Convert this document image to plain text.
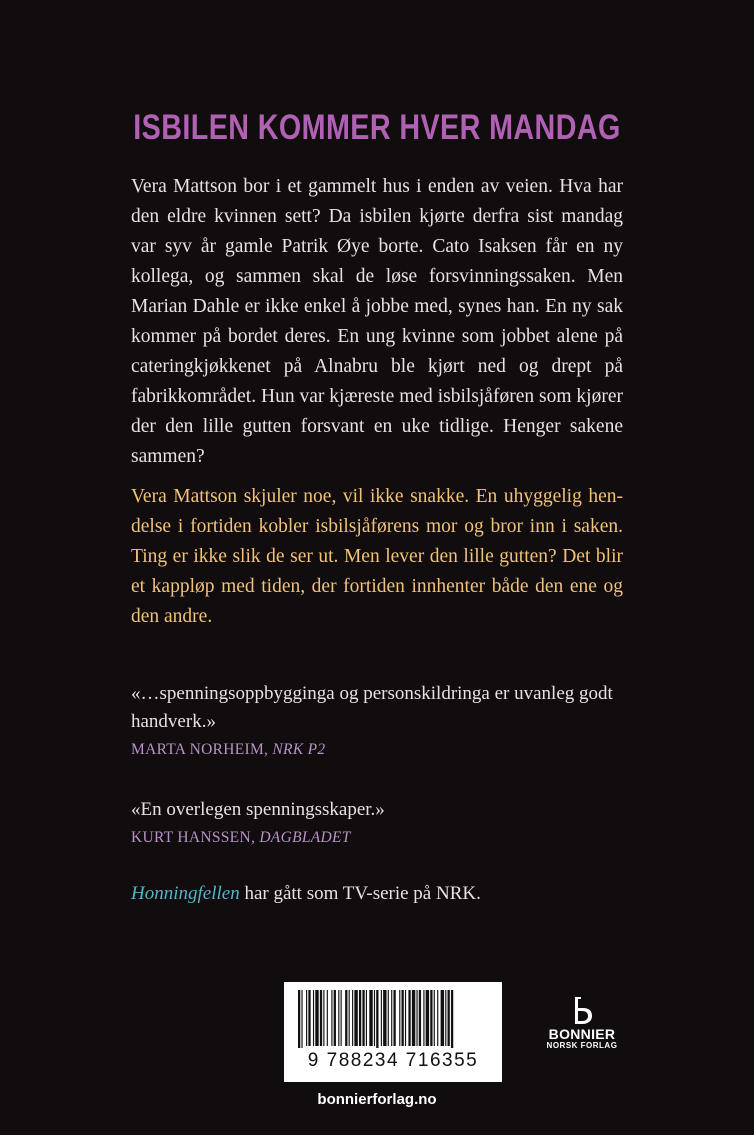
ISBILEN KOMMER HVER MANDAG
Vera Mattson bor i et gammelt hus i enden av veien. Hva har den eldre kvinnen sett? Da isbilen kjørte derfra sist mandag var syv år gamle Patrik Øye borte. Cato Isaksen får en ny kollega, og sammen skal de løse forsvinningssaken. Men Marian Dahle er ikke enkel å jobbe med, synes han. En ny sak kommer på bordet deres. En ung kvinne som jobbet alene på cateringkjøkkenet på Alnabru ble kjørt ned og drept på fabrikkområdet. Hun var kjæreste med isbilsjåføren som kjører der den lille gutten forsvant en uke tidlige. Henger sakene sammen?
Vera Mattson skjuler noe, vil ikke snakke. En uhyggelig hendelse i fortiden kobler isbilsjåførens mor og bror inn i saken. Ting er ikke slik de ser ut. Men lever den lille gutten? Det blir et kappløp med tiden, der fortiden innhenter både den ene og den andre.
«…spenningsoppbygginga og personskildringa er uvanleg godt handverk.»
MARTA NORHEIM, NRK P2
«En overlegen spenningsskaper.»
KURT HANSSEN, DAGBLADET
Honningfellen har gått som TV-serie på NRK.
9 788234 716355
BONNIER
NORSK FORLAG
bonnierforlag.no
